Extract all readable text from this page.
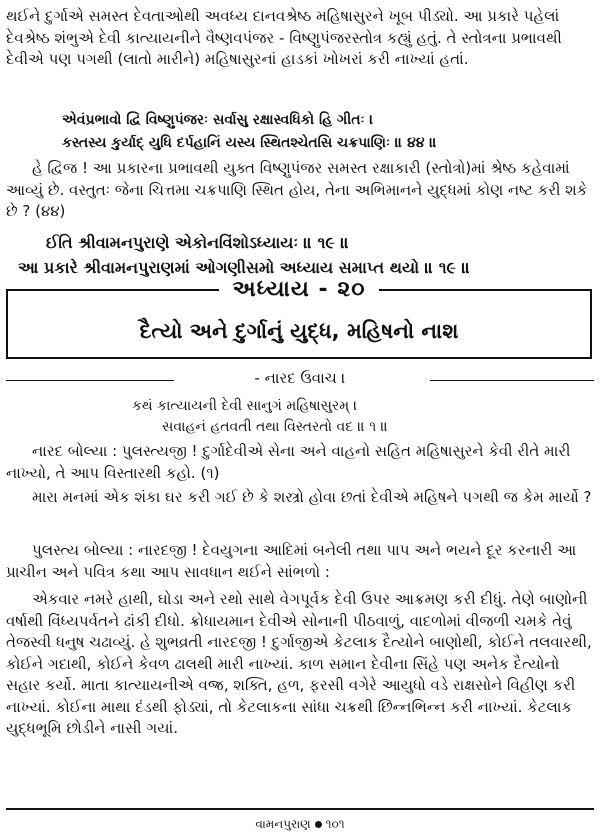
થઈને દુર્ગાએ સમસ્ત દેવતાઓથી અવધ્ય દાનવશ્રેષ્ઠ મહિષાસુરને ખૂબ પીડ્યો. આ પ્રકારે પહેલાં દેવશ્રેષ્ઠ શંભુએ દેવી કાત્યાયનીને વૈષ્ણવપંજર - વિષ્ણુપંજરસ્તોત્ર કહ્યું હતું. તે સ્તોત્રના પ્રભાવથી દેવીએ પણ પગથી (લાતો મારીને) મહિષાસુરનાં હાડકાં ખોખરાં કરી નાખ્યાં હતાં.

એવંપ્રભાવો દ્વિ વિષ્ણુપંજરઃ સર્વાસુ રક્ષાસ્વધિકો હિ ગીતઃ ।

કસ્તસ્ય કુર્યાદ્ યુધિ દર્પહાનિં યસ્ય સ્થિતશ્ચેતસિ ચક્રપાણિઃ ॥ ૪૪ ॥

હે દ્વિજ ! આ પ્રકારના પ્રભાવથી યુક્ત વિષ્ણુપંજર સમસ્ત રક્ષાકારી (સ્તોત્રો)માં શ્રેષ્ઠ કહેવામાં આવ્યું છે. વસ્તુતઃ જેના ચિત્તમા ચક્રપાણિ સ્થિત હોય, તેના અભિમાનને યુદ્ધમાં કોણ નષ્ટ કરી શકે છે ? (૪૪)

ઈતિ શ્રીવામનપુરાણે એકોનવિંશોઽધ્યાયઃ ॥ ૧૯ ॥

આ પ્રકારે શ્રીવામનપુરાણમાં ઓગણીસમો અધ્યાય સમાપ્ત થયો ॥ ૧૯ ॥

અધ્યાય - ૨૦
દૈત્યો અને દુર્ગાનું યુદ્ધ, મહિષનો નાશ
- નારદ ઉવાચ ।

કથં કાત્યાયની દેવી સાનુગં મહિષાસુરમ્ ।

સવાહનં હતવતી તથા વિસ્તરતો વદ ॥ ૧ ॥

નારદ બોલ્યા : પુલસ્ત્યજી ! દુર્ગાદેવીએ સેના અને વાહનો સહિત મહિષાસુરને કેવી રીતે મારી નાખ્યો, તે આપ વિસ્તારથી કહો. (૧)

મારા મનમાં એક શંકા ઘર કરી ગઈ છે કે શસ્ત્રો હોવા છતાં દેવીએ મહિષને પગથી જ કેમ માર્યો ?

પુલસ્ત્ય બોલ્યા : નારદજી ! દેવયુગના આદિમાં બનેલી તથા પાપ અને ભયને દૂર કરનારી આ પ્રાચીન અને પવિત્ર કથા આપ સાવધાન થઈને સાંભળો :

એકવાર નમરે હાથી, ઘોડા અને રથો સાથે વેગપૂર્વક દેવી ઉપર આક્રમણ કરી દીધું. તેણે બાણોની વર્ષાથી વિંધ્યપર્વતને ઢાંકી દીધો. ક્રોધાયમાન દેવીએ સોનાની પીઠવાળું, વાદળોમાં વીજળી ચમકે તેવું તેજસ્વી ધનુષ ચઢાવ્યું. હે શુભવ્રતી નારદજી ! દુર્ગાજીએ કેટલાક દૈત્યોને બાણોથી, કોઈને તલવારથી, કોઈને ગદાથી, કોઈને કેવળ ઢાલથી મારી નાખ્યાં. કાળ સમાન દેવીના સિંહે પણ અનેક દૈત્યોનો સહાર કર્યો. માતા કાત્યાયનીએ વજ્ર, શક્તિ, હળ, ફરસી વગેરે આયુધો વડે રાક્ષસોને વિહીણ કરી નાખ્યાં. કોઈના માથા દંડથી ફોડ્યાં, તો કેટલાકના સાંધા ચક્રથી છિન્નભિન્ન કરી નાખ્યાં. કેટલાક યુદ્ધભૂમિ છોડીને નાસી ગયાં.

વામનપુરાણ ૧૦૧
